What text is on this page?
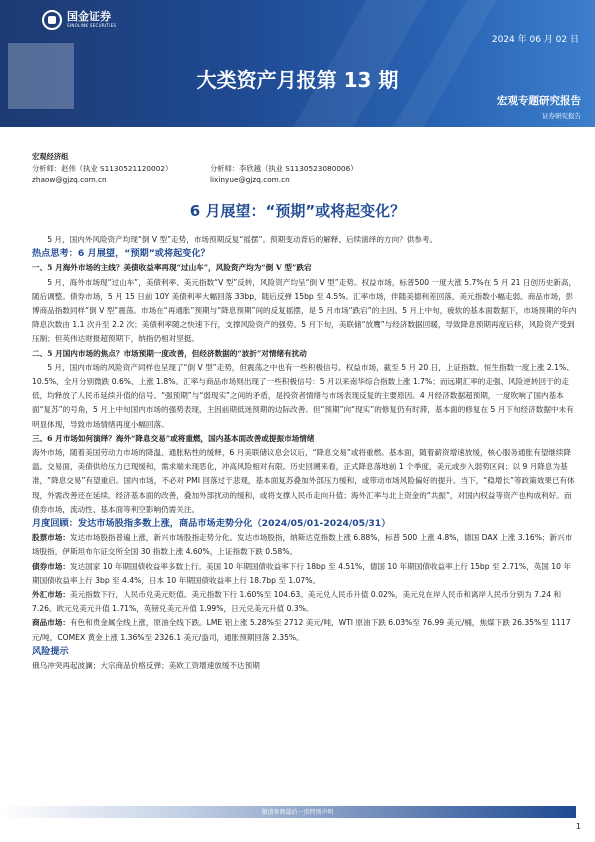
国金证券
SINOLINK SECURITIES
2024 年 06 月 02 日
大类资产月报第 13 期
宏观专题研究报告
证券研究报告
宏观经济组
分析师：赵伟（执业 S1130521120002）	分析师：李欣越（执业 S1130523080006）
zhaow@gjzq.com.cn	lixinyue@gjzq.com.cn
6 月展望：“预期”或将起变化？

5 月，国内外风险资产均现“倒 V 型”走势，市场预期反复“摇摆”。预期变动背后的解释、后续演绎的方向？供参考。

热点思考：6 月展望，“预期”或将起变化？

一、5 月海外市场的主线？美债收益率再现“过山车”，风险资产均为“倒 V 型”跌宕

5 月，海外市场现“过山车”，美债利率、美元指数“V 型”反转，风险资产均呈“倒 V 型”走势。权益市场，标普500 一度大涨 5.7%在 5 月 21 日创历史新高，随后调整。债券市场，5 月 15 日前 10Y 美债利率大幅回落 33bp，随后反弹 15bp 至 4.5%。汇率市场，伴随美德利差回落，美元指数小幅走弱。商品市场，彭博商品指数同样“倒 V 型”震荡。市场在“再通胀”预期与“降息预期”间的反复摇摆，是 5 月市场“跌宕”的主因。5 月上中旬，疲软的基本面数据下，市场预期的年内降息次数由 1.1 次升至 2.2 次；美债利率随之快速下行，支撑风险资产的强势。5 月下旬，美联储“放鹰”与经济数据回暖，导致降息预期再度后移，风险资产受到压制；但英伟达财报超预期下，纳指仍相对坚挺。

二、5 月国内市场的焦点？市场预期一度改善，但经济数据的“波折”对情绪有扰动

5 月，国内市场的风险资产同样也呈现了“倒 V 型”走势，但震荡之中也有一些积极信号。权益市场，截至 5 月 20 日，上证指数、恒生指数一度上涨 2.1%、10.5%，全月分别微跌 0.6%、上涨 1.8%。汇率与商品市场则出现了一些积极信号：5 月以来南华综合指数上涨 1.7%；而远期汇率的走强、风险逆转回于的走低，均释放了人民币延续升值的信号。“强预期”与“弱现实”之间的矛盾，是投资者情绪与市场表现反复的主要原因。4 月经济数据超预期，一度吹响了国内基本面“复苏”的号角，5 月上中旬国内市场的强势表现，主因前期低迷预期的边际改善。但“预期”向“现实”的修复仍有时滞，基本面的修复在 5 月下旬经济数据中未有明显体现，导致市场情绪再度小幅回落。

三、6 月市场如何演绎？海外“降息交易”或将重燃，国内基本面改善或提振市场情绪

海外市场，随着美国劳动力市场的降温、通胀粘性的缓释，6 月美联储议息会议后，“降息交易”或将重燃。基本面，随着薪资增速放缓，核心服务通胀有望继续降温。交易面，美债供给压力已现缓和，需求端未现恶化，冲高风险相对有限。历史回溯来看，正式降息落地前 1 个季度，美元或步入弱势区间；以 9 月降息为基准，“降息交易”有望重启。国内市场，不必对 PMI 回落过于悲观，基本面复苏叠加外部压力缓和，或带动市场风险偏好的提升。当下，“稳增长”等政策效果已有体现，外需改善还在延续。经济基本面的改善，叠加外部扰动的缓和，或将支撑人民币走向升值；海外汇率与北上资金的“共振”，对国内权益等资产也构成利好。而债券市场，流动性、基本面等利空影响仍需关注。

月度回顾：发达市场股指多数上涨，商品市场走势分化（2024/05/01-2024/05/31）

股票市场：发达市场股指普遍上涨，新兴市场股指走势分化。发达市场股指，纳斯达克指数上涨 6.88%，标普 500 上涨 4.8%，德国 DAX 上涨 3.16%；新兴市场股指，伊斯坦布尔证交所全国 30 指数上涨 4.60%，上证指数下跌 0.58%。

债券市场：发达国家 10 年期国债收益率多数上行。美国 10 年期国债收益率下行 18bp 至 4.51%，德国 10 年期国债收益率上行 15bp 至 2.71%，英国 10 年期国债收益率上行 3bp 至 4.4%，日本 10 年期国债收益率上行 18.7bp 至 1.07%。

外汇市场：美元指数下行，人民币兑美元贬值。美元指数下行 1.60%至 104.63。美元兑人民币升值 0.02%，美元兑在岸人民币和离岸人民币分别为 7.24 和 7.26。欧元兑美元升值 1.71%，英镑兑美元升值 1.99%，日元兑美元升值 0.3%。

商品市场：有色和贵金属全线上涨，原油全线下跌。LME 铝上涨 5.28%至 2712 美元/吨，WTI 原油下跌 6.03%至 76.99 美元/桶，焦煤下跌 26.35%至 1117 元/吨，COMEX 黄金上涨 1.36%至 2326.1 美元/盎司，通胀预期回落 2.35%。

风险提示

俄乌冲突再起波澜；大宗商品价格反弹；美欧工资增速放缓不达预期

敬请参阅最后一页特别声明
1
